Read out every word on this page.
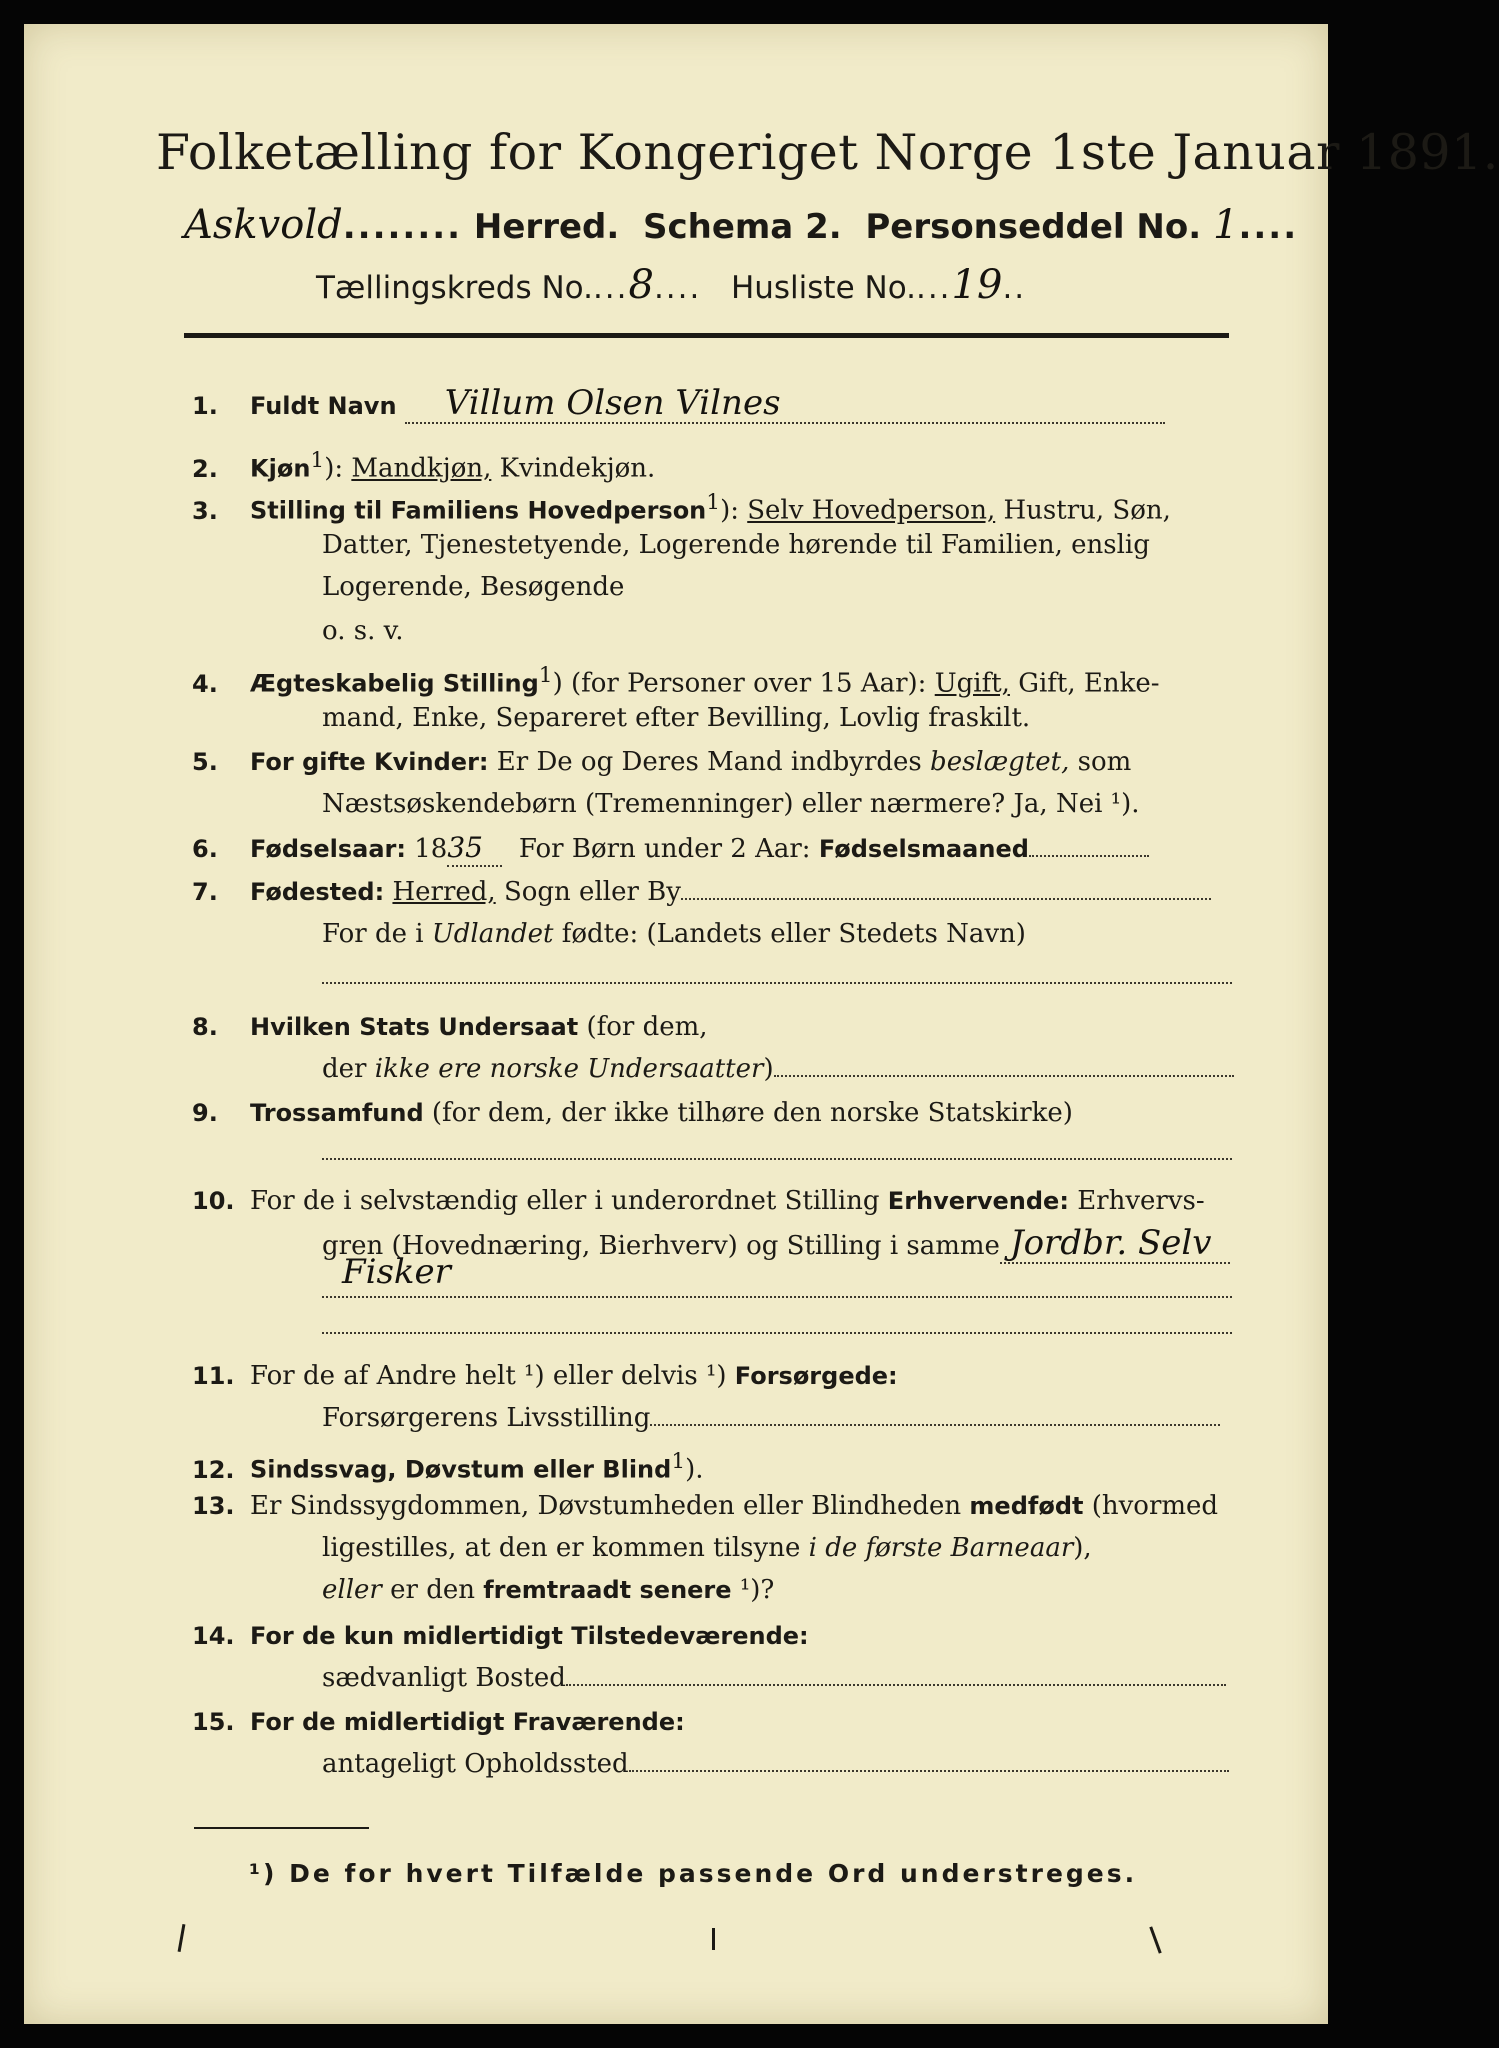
Folketælling for Kongeriget Norge 1ste Januar 1891.
Askvold........ Herred. Schema 2. Personseddel No. 1....
Tællingskreds No....8.... Husliste No....19..
1. Fuldt Navn Villum Olsen Vilnes
2. Kjøn$^1$): Mandkjøn, Kvindekjøn.
3. Stilling til Familiens Hovedperson$^1$): Selv Hovedperson, Hustru, Søn,
Datter, Tjenestetyende, Logerende hørende til Familien, enslig
Logerende, Besøgende
o. s. v.
4. Ægteskabelig Stilling$^1$) (for Personer over 15 Aar): Ugift, Gift, Enke-
mand, Enke, Separeret efter Bevilling, Lovlig fraskilt.
5. For gifte Kvinder: Er De og Deres Mand indbyrdes beslægtet, som
Næstsøskendebørn (Tremenninger) eller nærmere? Ja, Nei ¹).
6. Fødselsaar: 1835 For Børn under 2 Aar: Fødselsmaaned
7. Fødested: Herred, Sogn eller By
For de i Udlandet fødte: (Landets eller Stedets Navn)
8. Hvilken Stats Undersaat (for dem,
der ikke ere norske Undersaatter)
9. Trossamfund (for dem, der ikke tilhøre den norske Statskirke)
10. For de i selvstændig eller i underordnet Stilling Erhvervende: Erhvervs-
gren (Hovednæring, Bierhverv) og Stilling i samme Jordbr. Selv
Fisker
11. For de af Andre helt ¹) eller delvis ¹) Forsørgede:
Forsørgerens Livsstilling
12. Sindssvag, Døvstum eller Blind$^1$).
13. Er Sindssygdommen, Døvstumheden eller Blindheden medfødt (hvormed
ligestilles, at den er kommen tilsyne i de første Barneaar),
eller er den fremtraadt senere ¹)?
14. For de kun midlertidigt Tilstedeværende:
sædvanligt Bosted
15. For de midlertidigt Fraværende:
antageligt Opholdssted
¹) De for hvert Tilfælde passende Ord understreges.
